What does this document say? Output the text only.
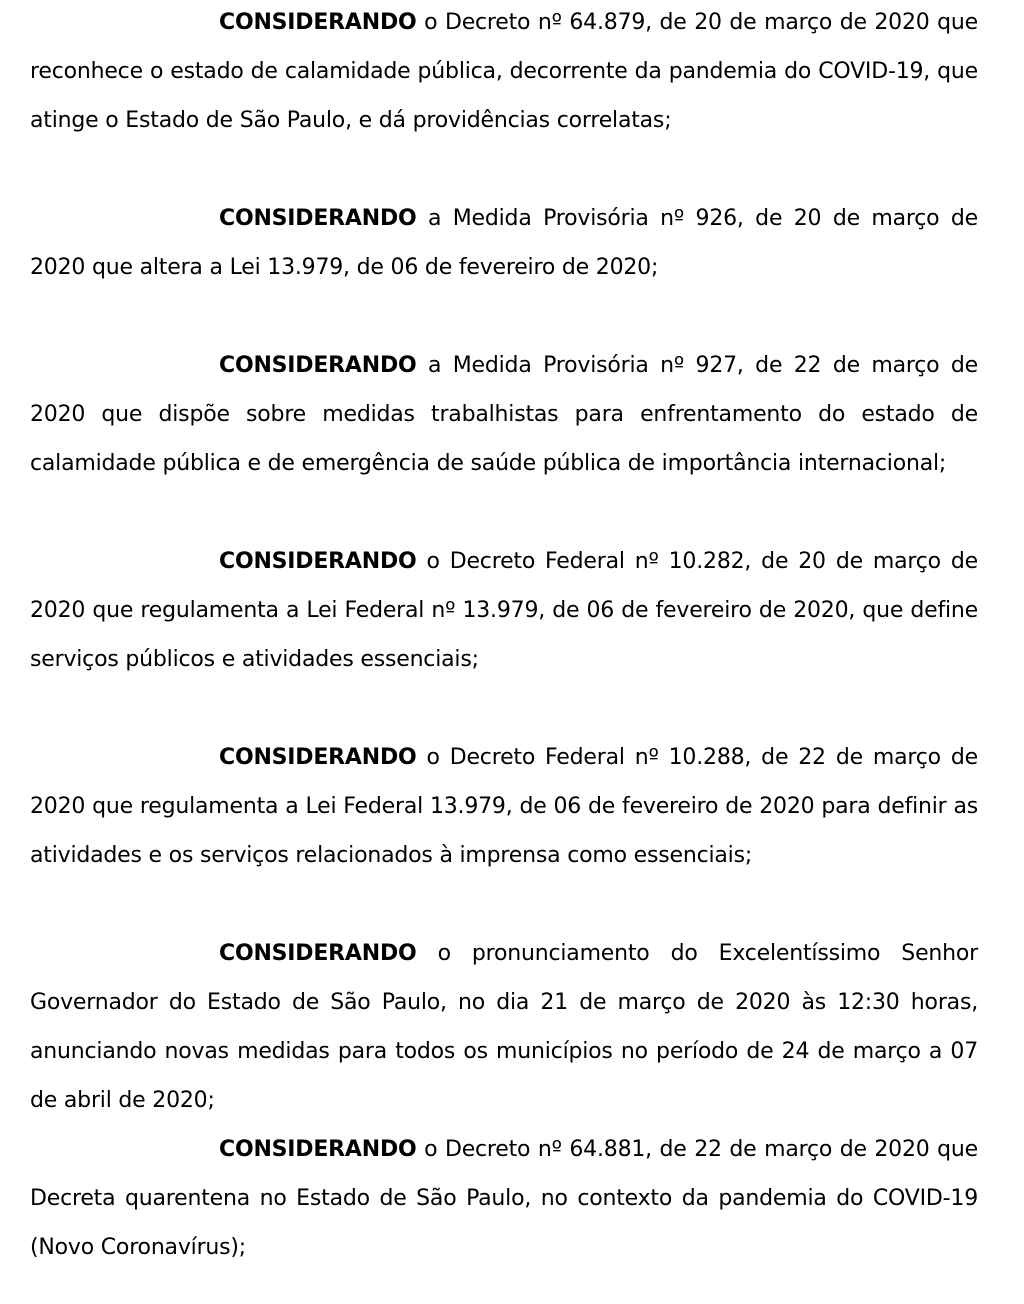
CONSIDERANDO o Decreto nº 64.879, de 20 de março de 2020 que reconhece o estado de calamidade pública, decorrente da pandemia do COVID-19, que atinge o Estado de São Paulo, e dá providências correlatas;

CONSIDERANDO a Medida Provisória nº 926, de 20 de março de 2020 que altera a Lei 13.979, de 06 de fevereiro de 2020;

CONSIDERANDO a Medida Provisória nº 927, de 22 de março de 2020 que dispõe sobre medidas trabalhistas para enfrentamento do estado de calamidade pública e de emergência de saúde pública de importância internacional;

CONSIDERANDO o Decreto Federal nº 10.282, de 20 de março de 2020 que regulamenta a Lei Federal nº 13.979, de 06 de fevereiro de 2020, que define serviços públicos e atividades essenciais;

CONSIDERANDO o Decreto Federal nº 10.288, de 22 de março de 2020 que regulamenta a Lei Federal 13.979, de 06 de fevereiro de 2020 para definir as atividades e os serviços relacionados à imprensa como essenciais;

CONSIDERANDO o pronunciamento do Excelentíssimo Senhor Governador do Estado de São Paulo, no dia 21 de março de 2020 às 12:30 horas, anunciando novas medidas para todos os municípios no período de 24 de março a 07 de abril de 2020;

CONSIDERANDO o Decreto nº 64.881, de 22 de março de 2020 que Decreta quarentena no Estado de São Paulo, no contexto da pandemia do COVID-19 (Novo Coronavírus);
